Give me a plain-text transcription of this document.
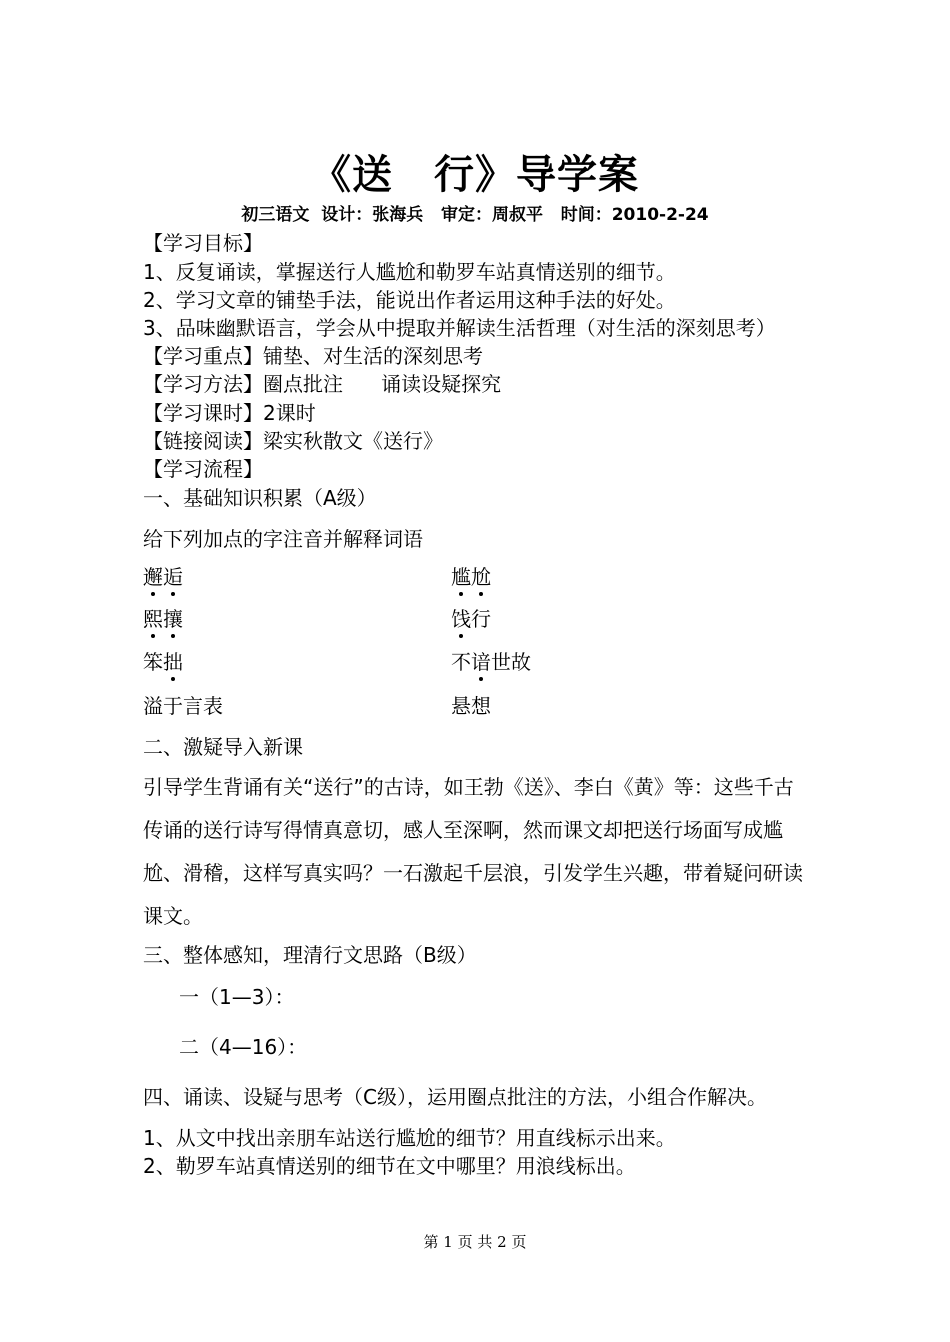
《送　行》导学案
初三语文  设计：张海兵   审定：周叔平   时间：2010-2-24
【学习目标】
1、反复诵读，掌握送行人尴尬和勒罗车站真情送别的细节。
2、学习文章的铺垫手法，能说出作者运用这种手法的好处。
3、品味幽默语言，学会从中提取并解读生活哲理（对生活的深刻思考）
【学习重点】铺垫、对生活的深刻思考
【学习方法】圈点批注      诵读设疑探究
【学习课时】2课时
【链接阅读】梁实秋散文《送行》
【学习流程】
一、基础知识积累（A级）
给下列加点的字注音并解释词语
邂逅	尴尬
熙攘	饯行
笨拙	不谙世故
溢于言表	悬想
二、激疑导入新课
引导学生背诵有关“送行”的古诗，如王勃《送》、李白《黄》等：这些千古传诵的送行诗写得情真意切，感人至深啊，然而课文却把送行场面写成尴尬、滑稽，这样写真实吗？一石激起千层浪，引发学生兴趣，带着疑问研读课文。
三、整体感知，理清行文思路（B级）
一（1—3）：
二（4—16）：
四、诵读、设疑与思考（C级），运用圈点批注的方法，小组合作解决。
1、从文中找出亲朋车站送行尴尬的细节？用直线标示出来。
2、勒罗车站真情送别的细节在文中哪里？用浪线标出。
第 1 页 共 2 页
